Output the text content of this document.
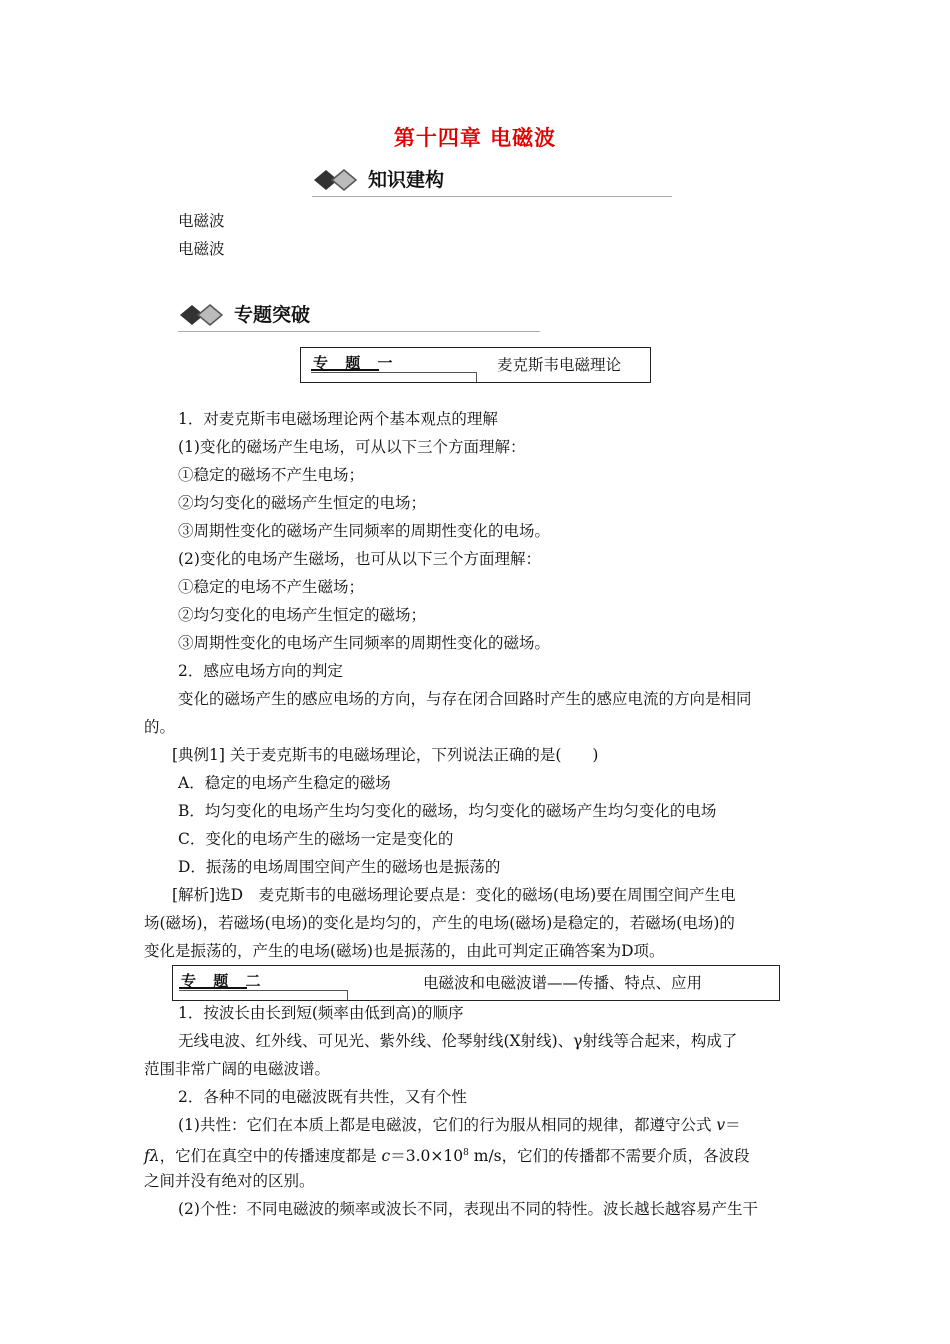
第十四章 电磁波
知识建构
电磁波
电磁波
专题突破
专 题 一	麦克斯韦电磁理论
1．对麦克斯韦电磁场理论两个基本观点的理解
(1)变化的磁场产生电场，可从以下三个方面理解：
①稳定的磁场不产生电场；
②均匀变化的磁场产生恒定的电场；
③周期性变化的磁场产生同频率的周期性变化的电场。
(2)变化的电场产生磁场，也可从以下三个方面理解：
①稳定的电场不产生磁场；
②均匀变化的电场产生恒定的磁场；
③周期性变化的电场产生同频率的周期性变化的磁场。
2．感应电场方向的判定
变化的磁场产生的感应电场的方向，与存在闭合回路时产生的感应电流的方向是相同
的。
[典例1] 关于麦克斯韦的电磁场理论，下列说法正确的是(　　)
A．稳定的电场产生稳定的磁场
B．均匀变化的电场产生均匀变化的磁场，均匀变化的磁场产生均匀变化的电场
C．变化的电场产生的磁场一定是变化的
D．振荡的电场周围空间产生的磁场也是振荡的
[解析]选D　麦克斯韦的电磁场理论要点是：变化的磁场(电场)要在周围空间产生电
场(磁场)，若磁场(电场)的变化是均匀的，产生的电场(磁场)是稳定的，若磁场(电场)的
变化是振荡的，产生的电场(磁场)也是振荡的，由此可判定正确答案为D项。
专 题 二	电磁波和电磁波谱——传播、特点、应用
1．按波长由长到短(频率由低到高)的顺序
无线电波、红外线、可见光、紫外线、伦琴射线(X射线)、γ射线等合起来，构成了
范围非常广阔的电磁波谱。
2．各种不同的电磁波既有共性，又有个性
(1)共性：它们在本质上都是电磁波，它们的行为服从相同的规律，都遵守公式 v＝
fλ，它们在真空中的传播速度都是 $c=3.0\times 10^8$ m/s，它们的传播都不需要介质，各波段
之间并没有绝对的区别。
(2)个性：不同电磁波的频率或波长不同，表现出不同的特性。波长越长越容易产生干
